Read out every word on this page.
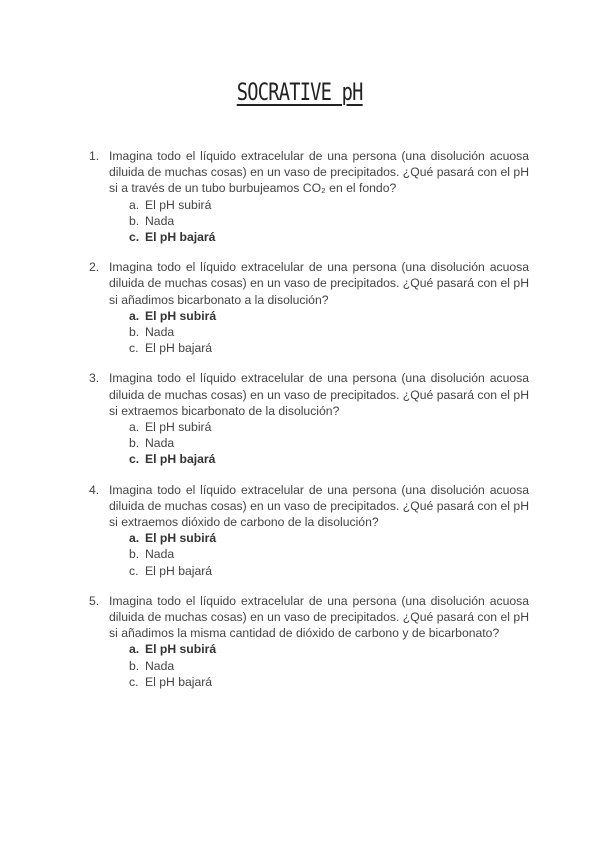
SOCRATIVE pH
1. Imagina todo el líquido extracelular de una persona (una disolución acuosa diluida de muchas cosas) en un vaso de precipitados. ¿Qué pasará con el pH si a través de un tubo burbujeamos CO₂ en el fondo?
a. El pH subirá
b. Nada
c. El pH bajará
2. Imagina todo el líquido extracelular de una persona (una disolución acuosa diluida de muchas cosas) en un vaso de precipitados. ¿Qué pasará con el pH si añadimos bicarbonato a la disolución?
a. El pH subirá
b. Nada
c. El pH bajará
3. Imagina todo el líquido extracelular de una persona (una disolución acuosa diluida de muchas cosas) en un vaso de precipitados. ¿Qué pasará con el pH si extraemos bicarbonato de la disolución?
a. El pH subirá
b. Nada
c. El pH bajará
4. Imagina todo el líquido extracelular de una persona (una disolución acuosa diluida de muchas cosas) en un vaso de precipitados. ¿Qué pasará con el pH si extraemos dióxido de carbono de la disolución?
a. El pH subirá
b. Nada
c. El pH bajará
5. Imagina todo el líquido extracelular de una persona (una disolución acuosa diluida de muchas cosas) en un vaso de precipitados. ¿Qué pasará con el pH si añadimos la misma cantidad de dióxido de carbono y de bicarbonato?
a. El pH subirá
b. Nada
c. El pH bajará
